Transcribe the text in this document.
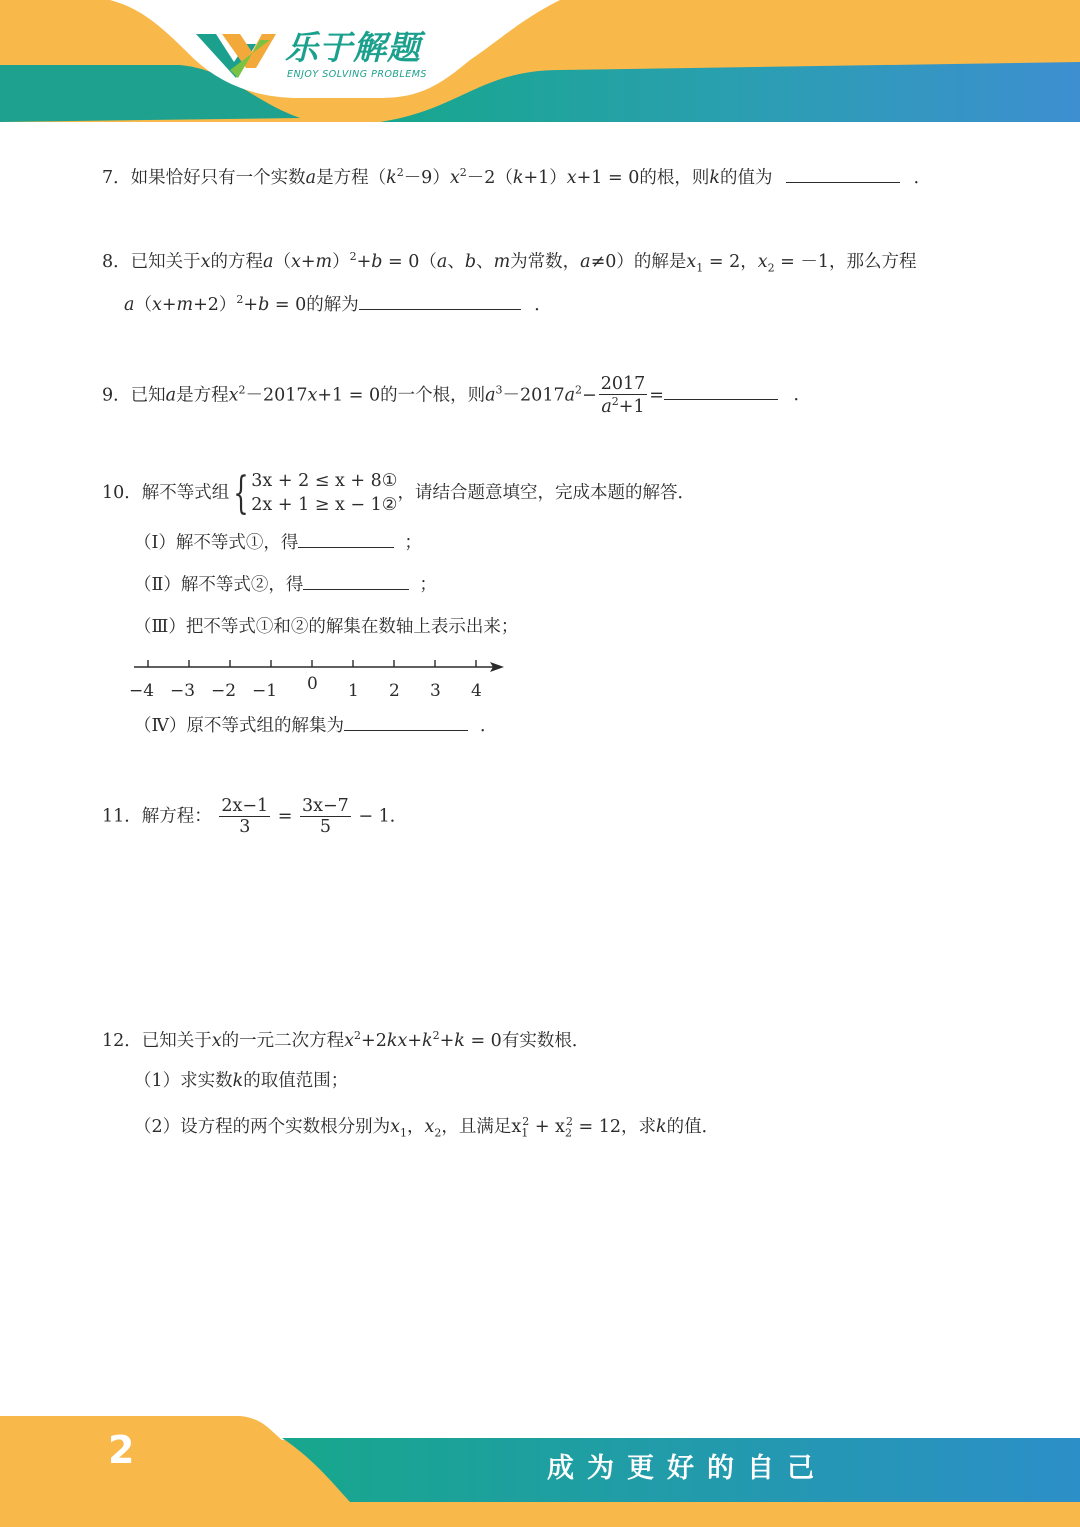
乐于解题
ENJOY SOLVING PROBLEMS
7．如果恰好只有一个实数a是方程$(k^2-9)x^2-2(k+1)x+1 = 0$的根，则k的值为	．
8．已知关于x的方程$a(x+m)^2+b = 0(a$、b、m为常数，a≠0）的解是$x_1 = 2$，$x_2 = -1$，那么方程
$a(x+m+2)^2+b = 0$的解为	．
9．已知a是方程$x^2-2017x+1 = 0$的一个根，则$a^3-2017a^2- \frac{2017}{a^2+1}$ =	．
10．解不等式组{ 3x + 2 ≤ x + 8①
2x + 1 ≥ x − 1②
，请结合题意填空，完成本题的解答．
（Ⅰ）解不等式①，得	；
（Ⅱ）解不等式②，得	；
（Ⅲ）把不等式①和②的解集在数轴上表示出来；
−4 −3 −2 −1 0 1 2 3 4
（Ⅳ）原不等式组的解集为	．
11．解方程： $\frac{2x-1}{3} = \frac{3x-7}{5} - 1$．
12．已知关于x的一元二次方程$x^2+2kx+k^2+k = 0$有实数根．
（1）求实数k的取值范围；
（2）设方程的两个实数根分别为$x_1$，$x_2$，且满足$x_1^2 + x_2^2 = 12$，求k的值．
2	成为更好的自己
